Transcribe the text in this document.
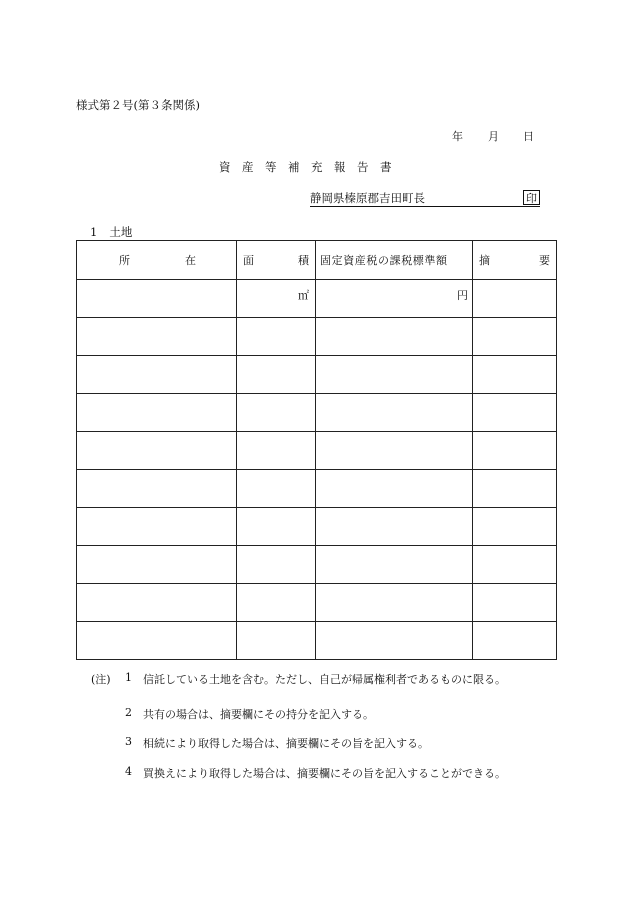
様式第２号(第３条関係)
年 月 日
資産等補充報告書
静岡県榛原郡吉田町長	印
1 土地
所 在	面 積	固定資産税の課税標準額	摘 要

	㎡	円	

(注) 1 信託している土地を含む。ただし、自己が帰属権利者であるものに限る。
2 共有の場合は、摘要欄にその持分を記入する。
3 相続により取得した場合は、摘要欄にその旨を記入する。
4 買換えにより取得した場合は、摘要欄にその旨を記入することができる。
